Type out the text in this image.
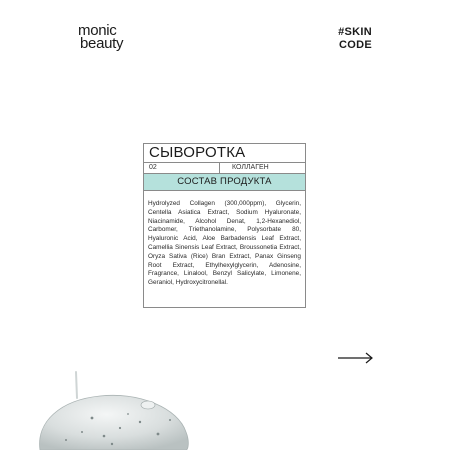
monic
beauty
#SKIN
CODE
СЫВОРОТКА
02	КОЛЛАГЕН
СОСТАВ ПРОДУКТА
Hydrolyzed Collagen (300,000ppm), Glycerin, Centella Asiatica Extract, Sodium Hyaluronate, Niacinamide, Alcohol Denat, 1,2-Hexanediol, Carbomer, Triethanolamine, Polysorbate 80, Hyaluronic Acid, Aloe Barbadensis Leaf Extract, Camellia Sinensis Leaf Extract, Broussonetia Extract, Oryza Sativa (Rice) Bran Extract, Panax Ginseng Root Extract, Ethylhexylglycerin, Adenosine, Fragrance, Linalool, Benzyl Salicylate, Limonene, Geraniol, Hydroxycitronellal.
